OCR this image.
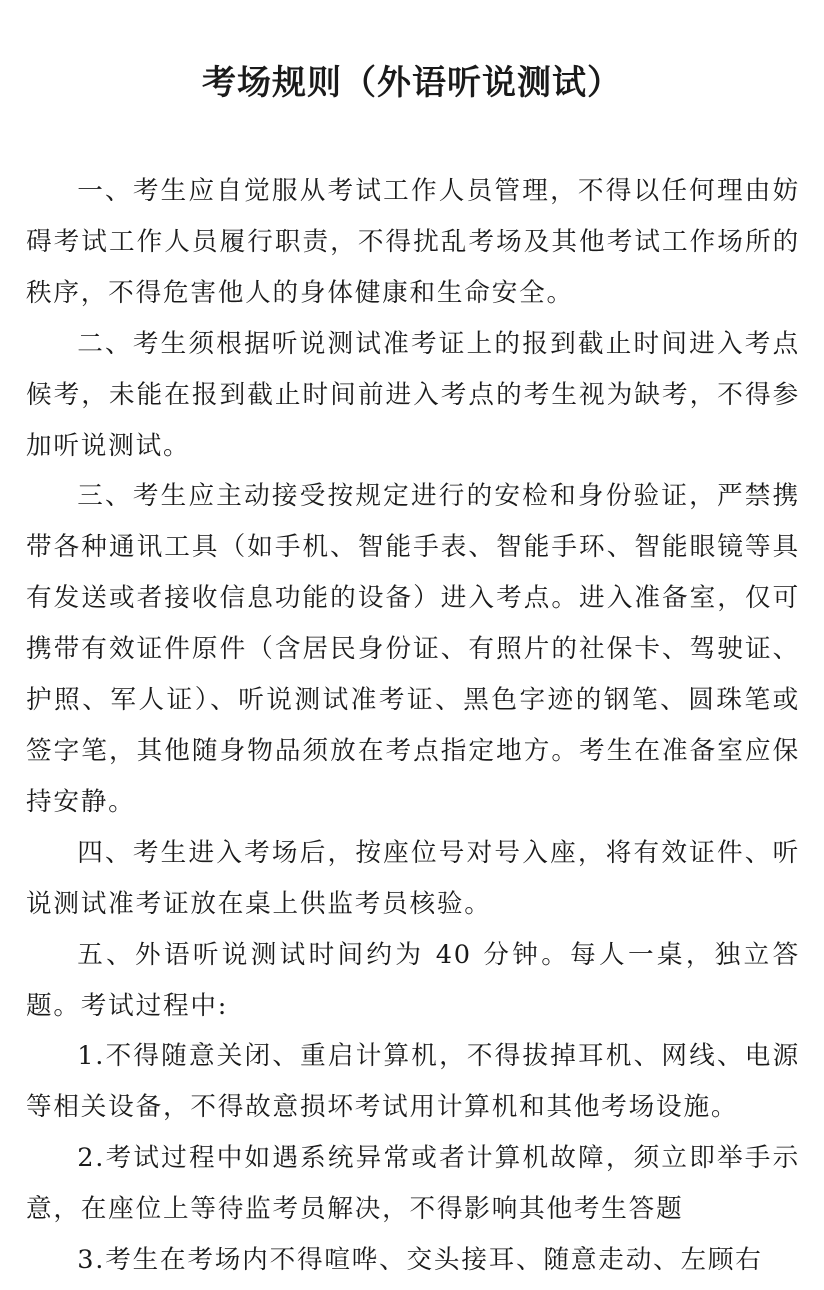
考场规则（外语听说测试）

一、考生应自觉服从考试工作人员管理，不得以任何理由妨碍考试工作人员履行职责，不得扰乱考场及其他考试工作场所的秩序，不得危害他人的身体健康和生命安全。

二、考生须根据听说测试准考证上的报到截止时间进入考点候考，未能在报到截止时间前进入考点的考生视为缺考，不得参加听说测试。

三、考生应主动接受按规定进行的安检和身份验证，严禁携带各种通讯工具（如手机、智能手表、智能手环、智能眼镜等具有发送或者接收信息功能的设备）进入考点。进入准备室，仅可携带有效证件原件（含居民身份证、有照片的社保卡、驾驶证、护照、军人证）、听说测试准考证、黑色字迹的钢笔、圆珠笔或签字笔，其他随身物品须放在考点指定地方。考生在准备室应保持安静。

四、考生进入考场后，按座位号对号入座，将有效证件、听说测试准考证放在桌上供监考员核验。

五、外语听说测试时间约为 40 分钟。每人一桌，独立答题。考试过程中:

1.不得随意关闭、重启计算机，不得拔掉耳机、网线、电源等相关设备，不得故意损坏考试用计算机和其他考场设施。

2.考试过程中如遇系统异常或者计算机故障，须立即举手示意，在座位上等待监考员解决，不得影响其他考生答题

3.考生在考场内不得喧哗、交头接耳、随意走动、左顾右
